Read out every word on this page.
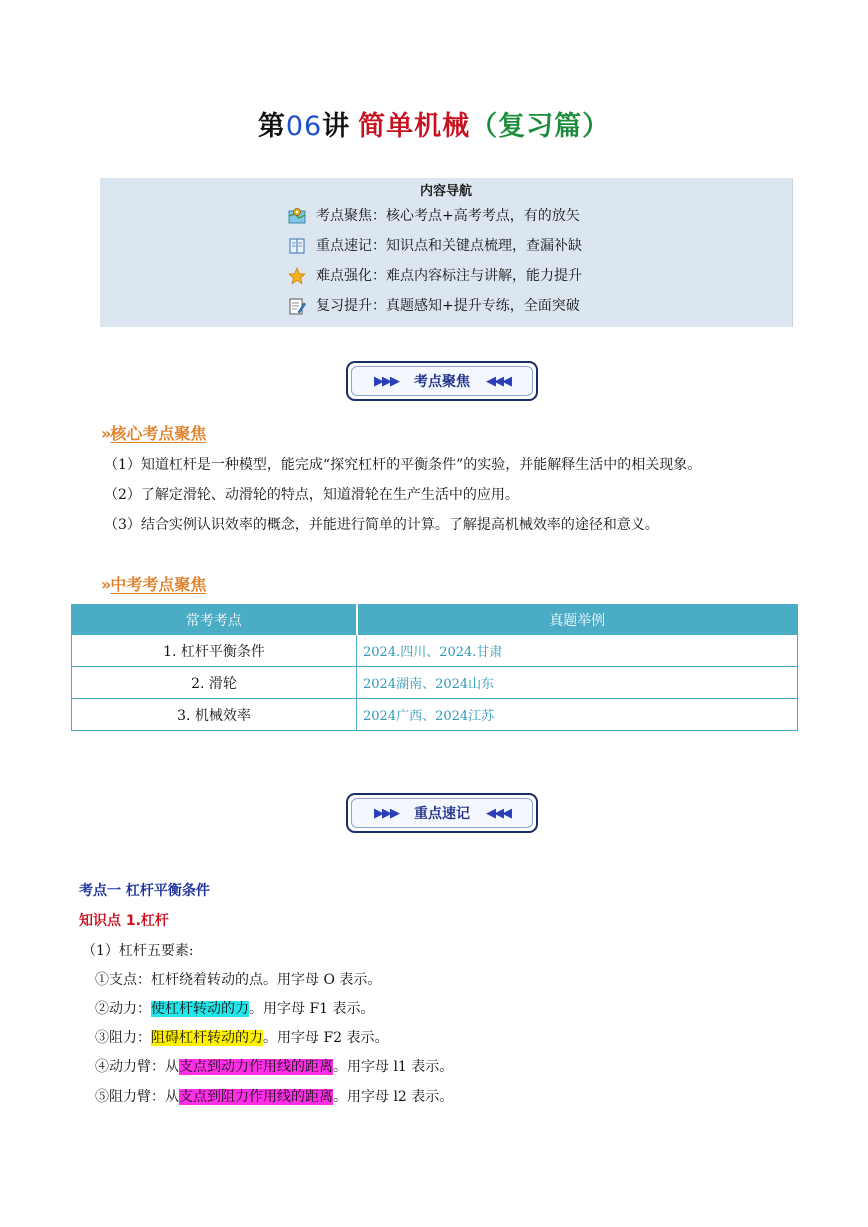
第06讲 简单机械（复习篇）
内容导航
考点聚焦：核心考点+高考考点，有的放矢
重点速记：知识点和关键点梳理，查漏补缺
难点强化：难点内容标注与讲解，能力提升
复习提升：真题感知+提升专练，全面突破
▶▶▶ 考点聚焦 ◀◀◀
» 核心考点聚焦
（1）知道杠杆是一种模型，能完成“探究杠杆的平衡条件”的实验，并能解释生活中的相关现象。
（2）了解定滑轮、动滑轮的特点，知道滑轮在生产生活中的应用。
（3）结合实例认识效率的概念，并能进行简单的计算。了解提高机械效率的途径和意义。
» 中考考点聚焦
常考考点	真题举例
1. 杠杆平衡条件	2024.四川、2024.甘肃
2. 滑轮	2024湖南、2024山东
3. 机械效率	2024广西、2024江苏
▶▶▶ 重点速记 ◀◀◀
考点一 杠杆平衡条件
知识点 1.杠杆
（1）杠杆五要素:
①支点：杠杆绕着转动的点。用字母 O 表示。
②动力：使杠杆转动的力。用字母 F1 表示。
③阻力：阻碍杠杆转动的力。用字母 F2 表示。
④动力臂：从支点到动力作用线的距离。用字母 l1 表示。
⑤阻力臂：从支点到阻力作用线的距离。用字母 l2 表示。
